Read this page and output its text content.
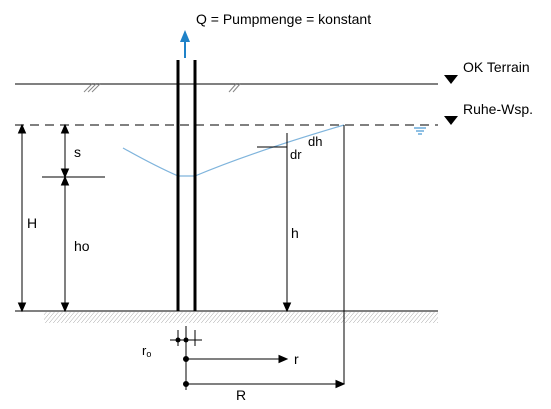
Q = Pumpmenge = konstant
OK Terrain
Ruhe-Wsp.
H
s
ho
dh
dr
h
ro	r
R
